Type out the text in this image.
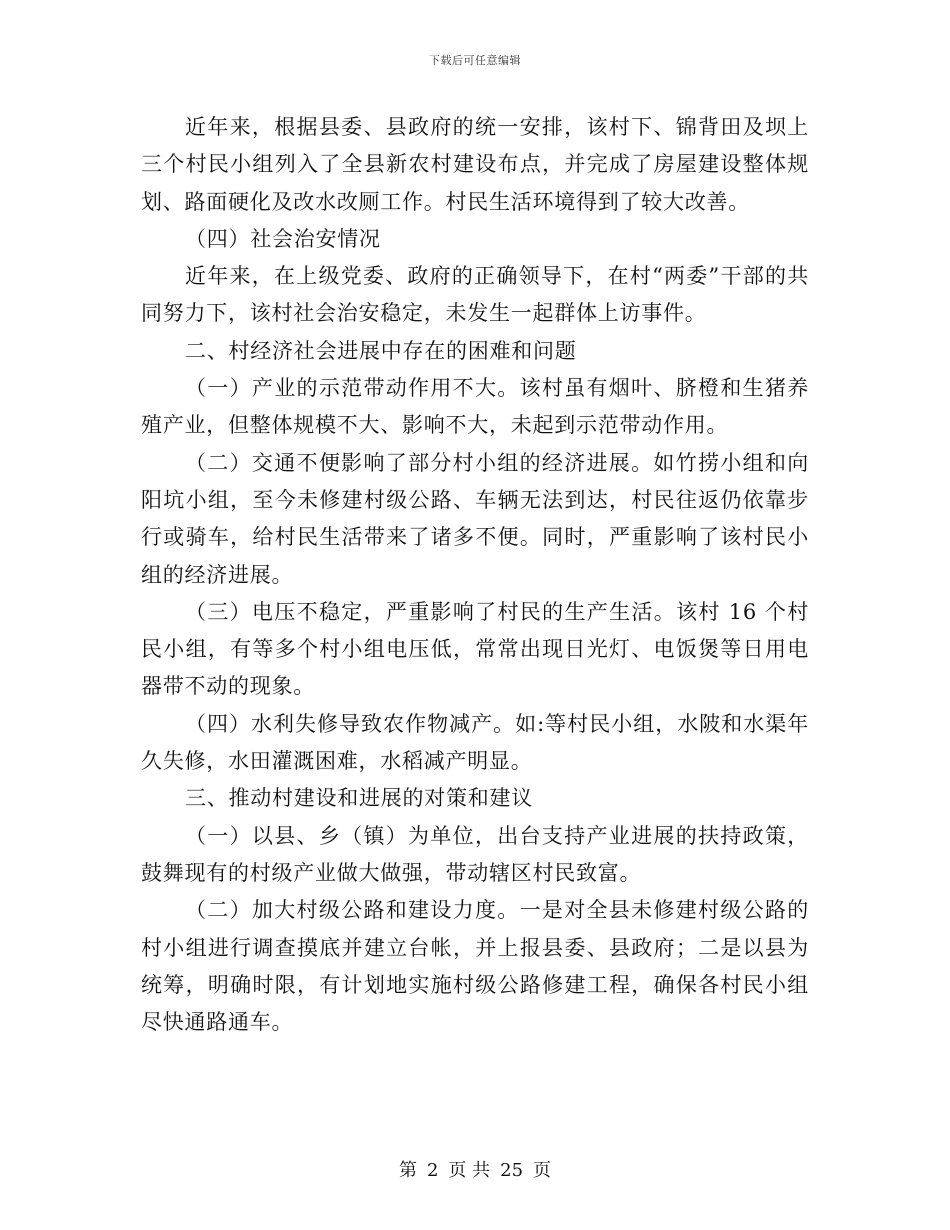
下载后可任意编辑

近年来，根据县委、县政府的统一安排，该村下、锦背田及坝上三个村民小组列入了全县新农村建设布点，并完成了房屋建设整体规划、路面硬化及改水改厕工作。村民生活环境得到了较大改善。

（四）社会治安情况

近年来，在上级党委、政府的正确领导下，在村“两委”干部的共同努力下，该村社会治安稳定，未发生一起群体上访事件。

二、村经济社会进展中存在的困难和问题

（一）产业的示范带动作用不大。该村虽有烟叶、脐橙和生猪养殖产业，但整体规模不大、影响不大，未起到示范带动作用。

（二）交通不便影响了部分村小组的经济进展。如竹捞小组和向阳坑小组，至今未修建村级公路、车辆无法到达，村民往返仍依靠步行或骑车，给村民生活带来了诸多不便。同时，严重影响了该村民小组的经济进展。

（三）电压不稳定，严重影响了村民的生产生活。该村 16 个村民小组，有等多个村小组电压低，常常出现日光灯、电饭煲等日用电器带不动的现象。

（四）水利失修导致农作物减产。如:等村民小组，水陂和水渠年久失修，水田灌溉困难，水稻减产明显。

三、推动村建设和进展的对策和建议

（一）以县、乡（镇）为单位，出台支持产业进展的扶持政策，鼓舞现有的村级产业做大做强，带动辖区村民致富。

（二）加大村级公路和建设力度。一是对全县未修建村级公路的村小组进行调查摸底并建立台帐，并上报县委、县政府；二是以县为统筹，明确时限，有计划地实施村级公路修建工程，确保各村民小组尽快通路通车。

第 2 页 共 25 页
